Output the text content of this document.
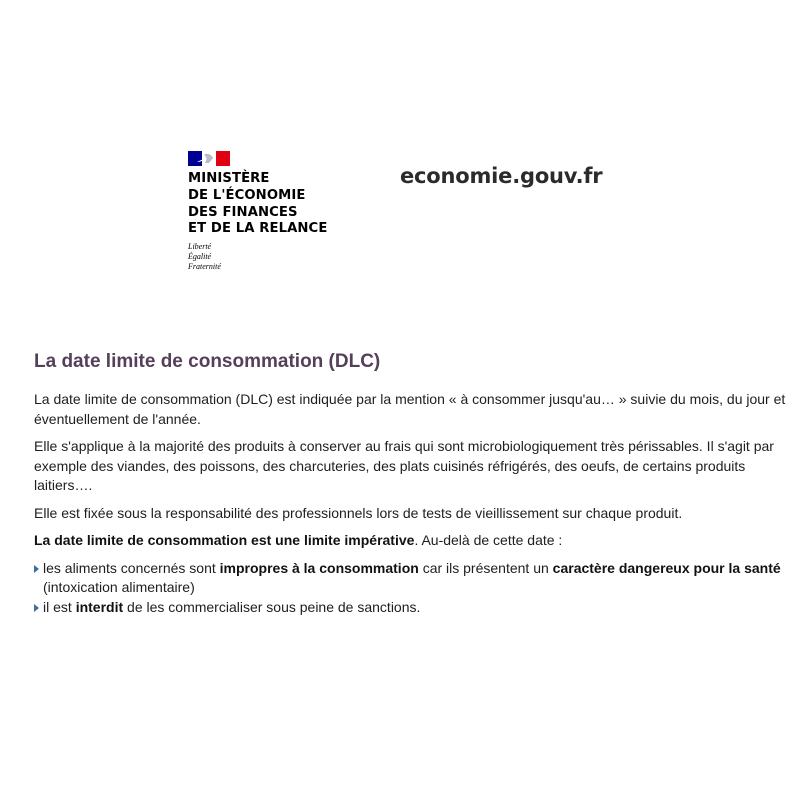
MINISTÈRE
DE L'ÉCONOMIE
DES FINANCES
ET DE LA RELANCE
Liberté
Égalité
Fraternité
economie.gouv.fr
La date limite de consommation (DLC)

La date limite de consommation (DLC) est indiquée par la mention « à consommer jusqu'au… » suivie du mois, du jour et éventuellement de l'année.

Elle s'applique à la majorité des produits à conserver au frais qui sont microbiologiquement très périssables. Il s'agit par exemple des viandes, des poissons, des charcuteries, des plats cuisinés réfrigérés, des oeufs, de certains produits laitiers….

Elle est fixée sous la responsabilité des professionnels lors de tests de vieillissement sur chaque produit.

La date limite de consommation est une limite impérative. Au-delà de cette date :

les aliments concernés sont impropres à la consommation car ils présentent un caractère dangereux pour la santé (intoxication alimentaire)
il est interdit de les commercialiser sous peine de sanctions.
